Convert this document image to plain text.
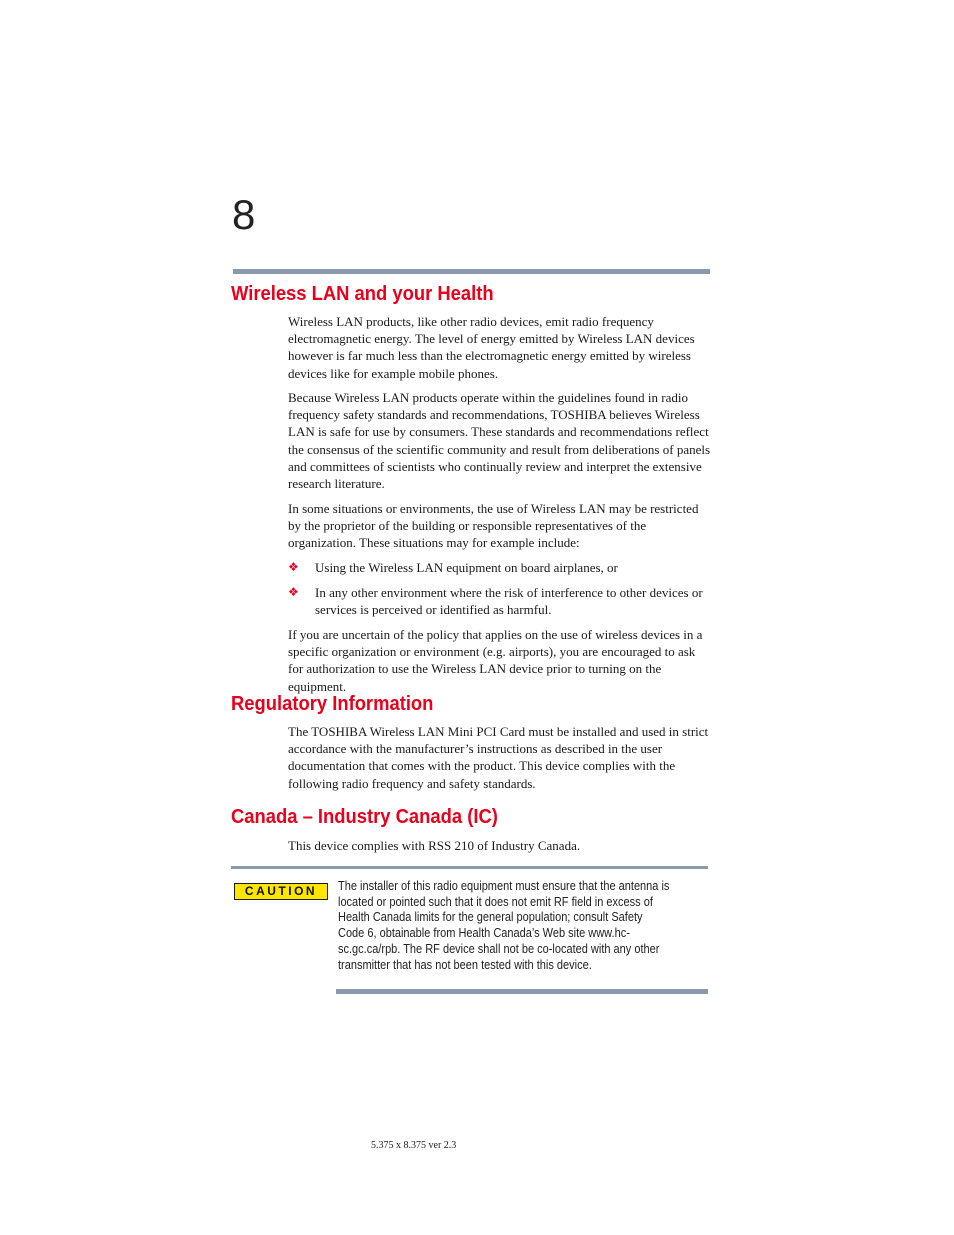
8
Wireless LAN and your Health

Wireless LAN products, like other radio devices, emit radio frequency electromagnetic energy. The level of energy emitted by Wireless LAN devices however is far much less than the electromagnetic energy emitted by wireless devices like for example mobile phones.

Because Wireless LAN products operate within the guidelines found in radio frequency safety standards and recommendations, TOSHIBA believes Wireless LAN is safe for use by consumers. These standards and recommendations reflect the consensus of the scientific community and result from deliberations of panels and committees of scientists who continually review and interpret the extensive research literature.

In some situations or environments, the use of Wireless LAN may be restricted by the proprietor of the building or responsible representatives of the organization. These situations may for example include:

❖ Using the Wireless LAN equipment on board airplanes, or
❖ In any other environment where the risk of interference to other devices or services is perceived or identified as harmful.

If you are uncertain of the policy that applies on the use of wireless devices in a specific organization or environment (e.g. airports), you are encouraged to ask for authorization to use the Wireless LAN device prior to turning on the equipment.

Regulatory Information

The TOSHIBA Wireless LAN Mini PCI Card must be installed and used in strict accordance with the manufacturer’s instructions as described in the user documentation that comes with the product. This device complies with the following radio frequency and safety standards.

Canada – Industry Canada (IC)

This device complies with RSS 210 of Industry Canada.

CAUTION	The installer of this radio equipment must ensure that the antenna is located or pointed such that it does not emit RF field in excess of Health Canada limits for the general population; consult Safety Code 6, obtainable from Health Canada’s Web site www.hc-sc.gc.ca/rpb. The RF device shall not be co-located with any other transmitter that has not been tested with this device.

5.375 x 8.375 ver 2.3
